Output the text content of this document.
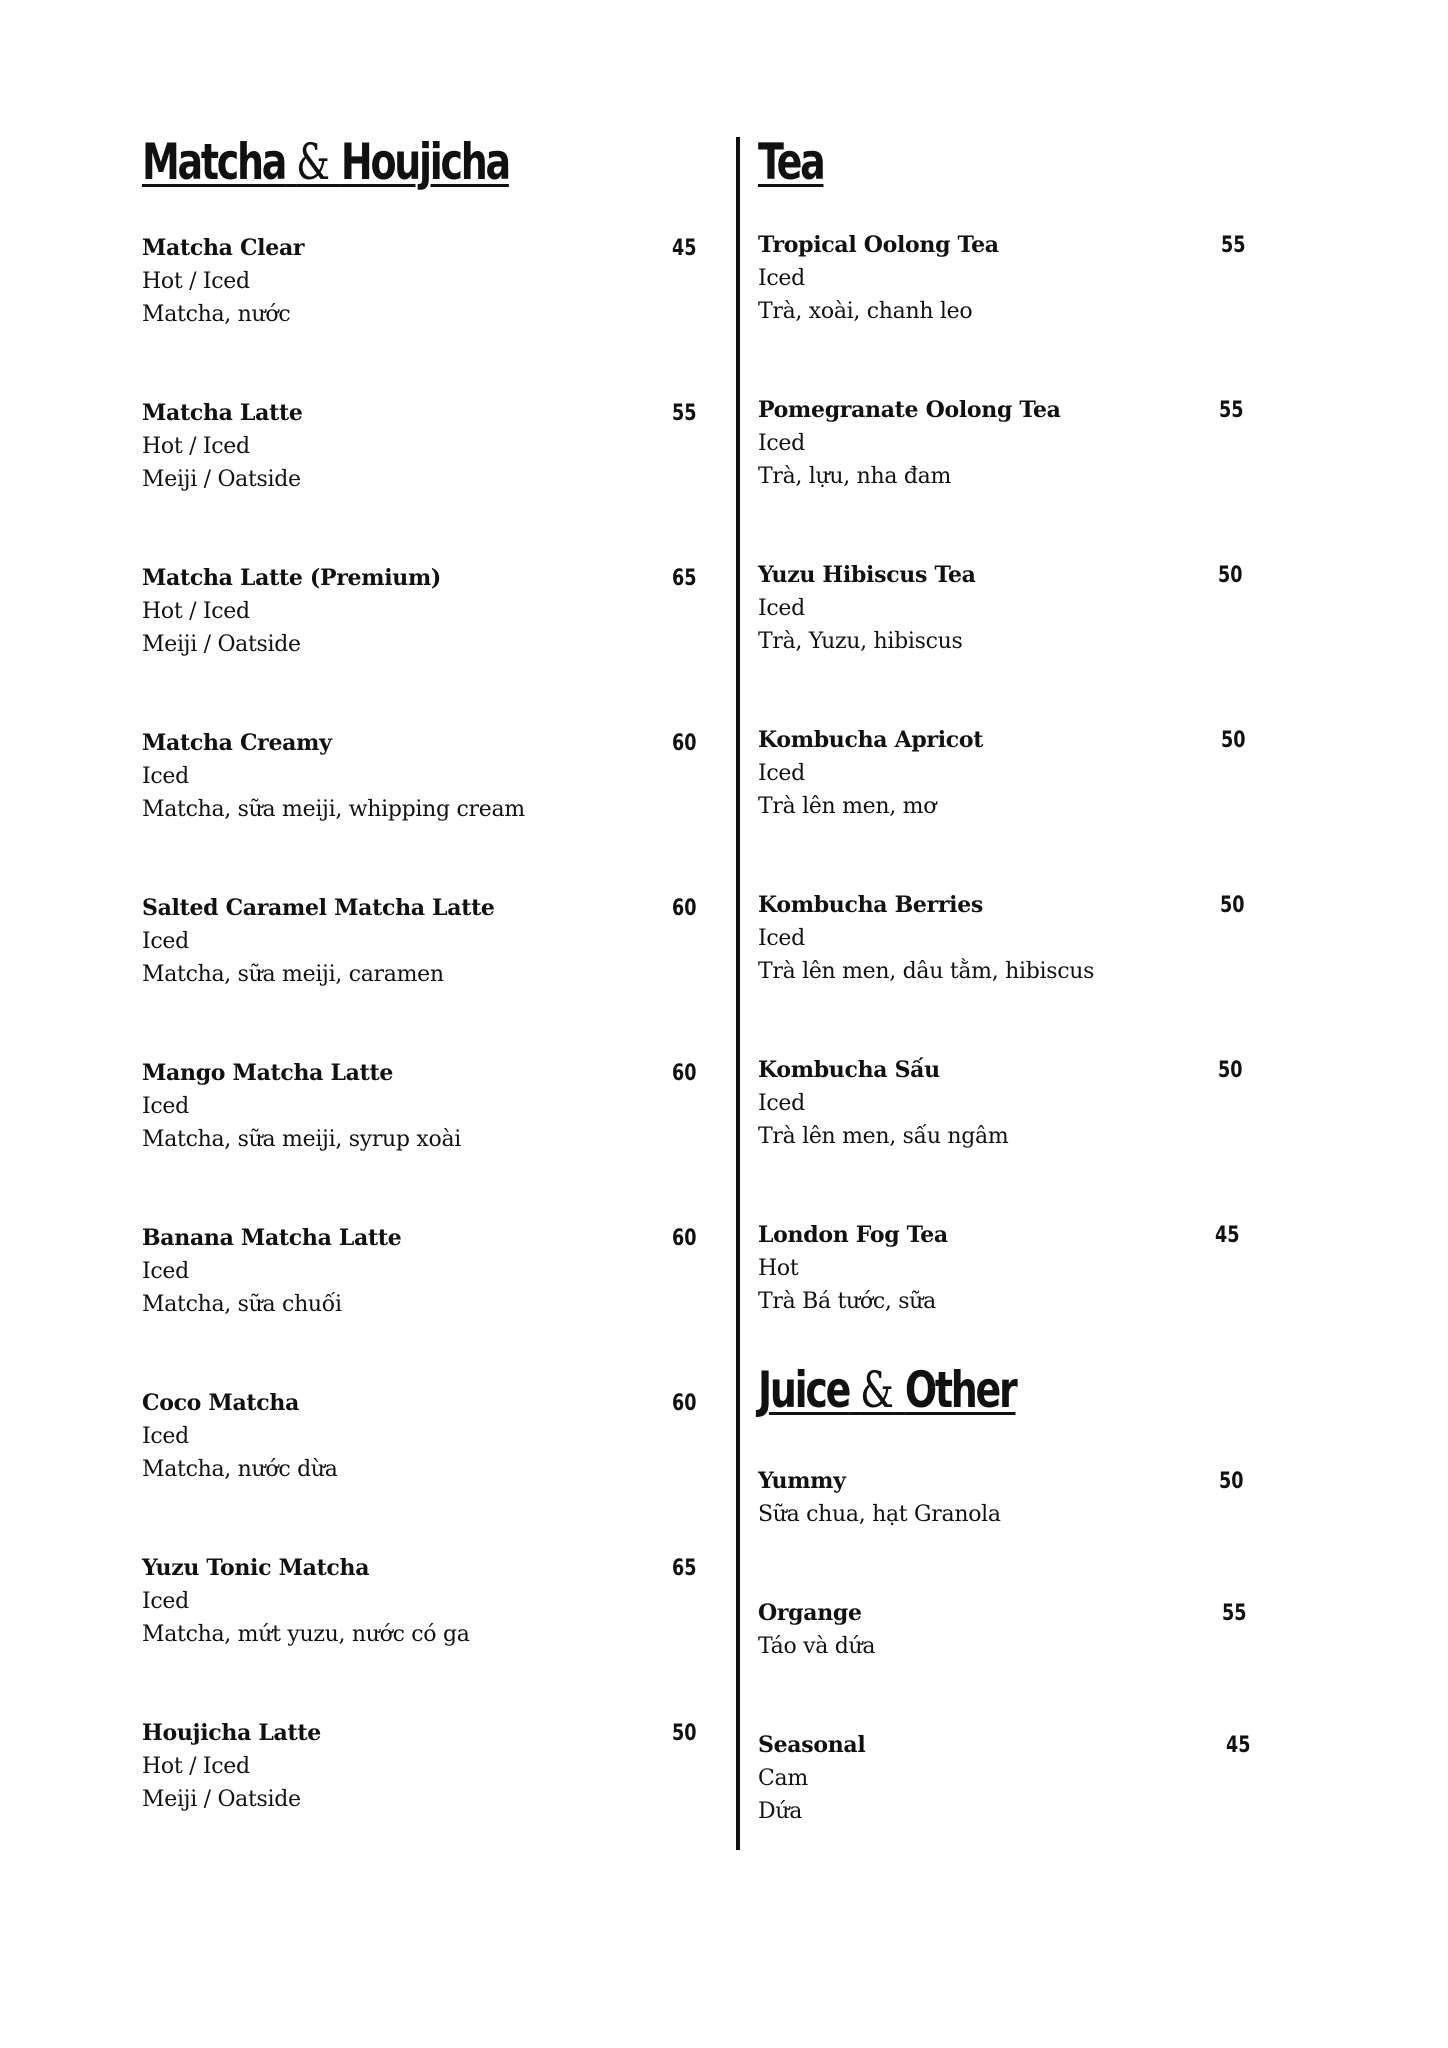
Matcha & Houjicha
Matcha Clear	45
Hot / Iced
Matcha, nước
Matcha Latte	55
Hot / Iced
Meiji / Oatside
Matcha Latte (Premium)	65
Hot / Iced
Meiji / Oatside
Matcha Creamy	60
Iced
Matcha, sữa meiji, whipping cream
Salted Caramel Matcha Latte	60
Iced
Matcha, sữa meiji, caramen
Mango Matcha Latte	60
Iced
Matcha, sữa meiji, syrup xoài
Banana Matcha Latte	60
Iced
Matcha, sữa chuối
Coco Matcha	60
Iced
Matcha, nước dừa
Yuzu Tonic Matcha	65
Iced
Matcha, mứt yuzu, nước có ga
Houjicha Latte	50
Hot / Iced
Meiji / Oatside
Tea
Tropical Oolong Tea	55
Iced
Trà, xoài, chanh leo
Pomegranate Oolong Tea	55
Iced
Trà, lựu, nha đam
Yuzu Hibiscus Tea	50
Iced
Trà, Yuzu, hibiscus
Kombucha Apricot	50
Iced
Trà lên men, mơ
Kombucha Berries	50
Iced
Trà lên men, dâu tằm, hibiscus
Kombucha Sấu	50
Iced
Trà lên men, sấu ngâm
London Fog Tea	45
Hot
Trà Bá tước, sữa
Juice & Other
Yummy	50
Sữa chua, hạt Granola
Organge	55
Táo và dứa
Seasonal	45
Cam
Dứa
